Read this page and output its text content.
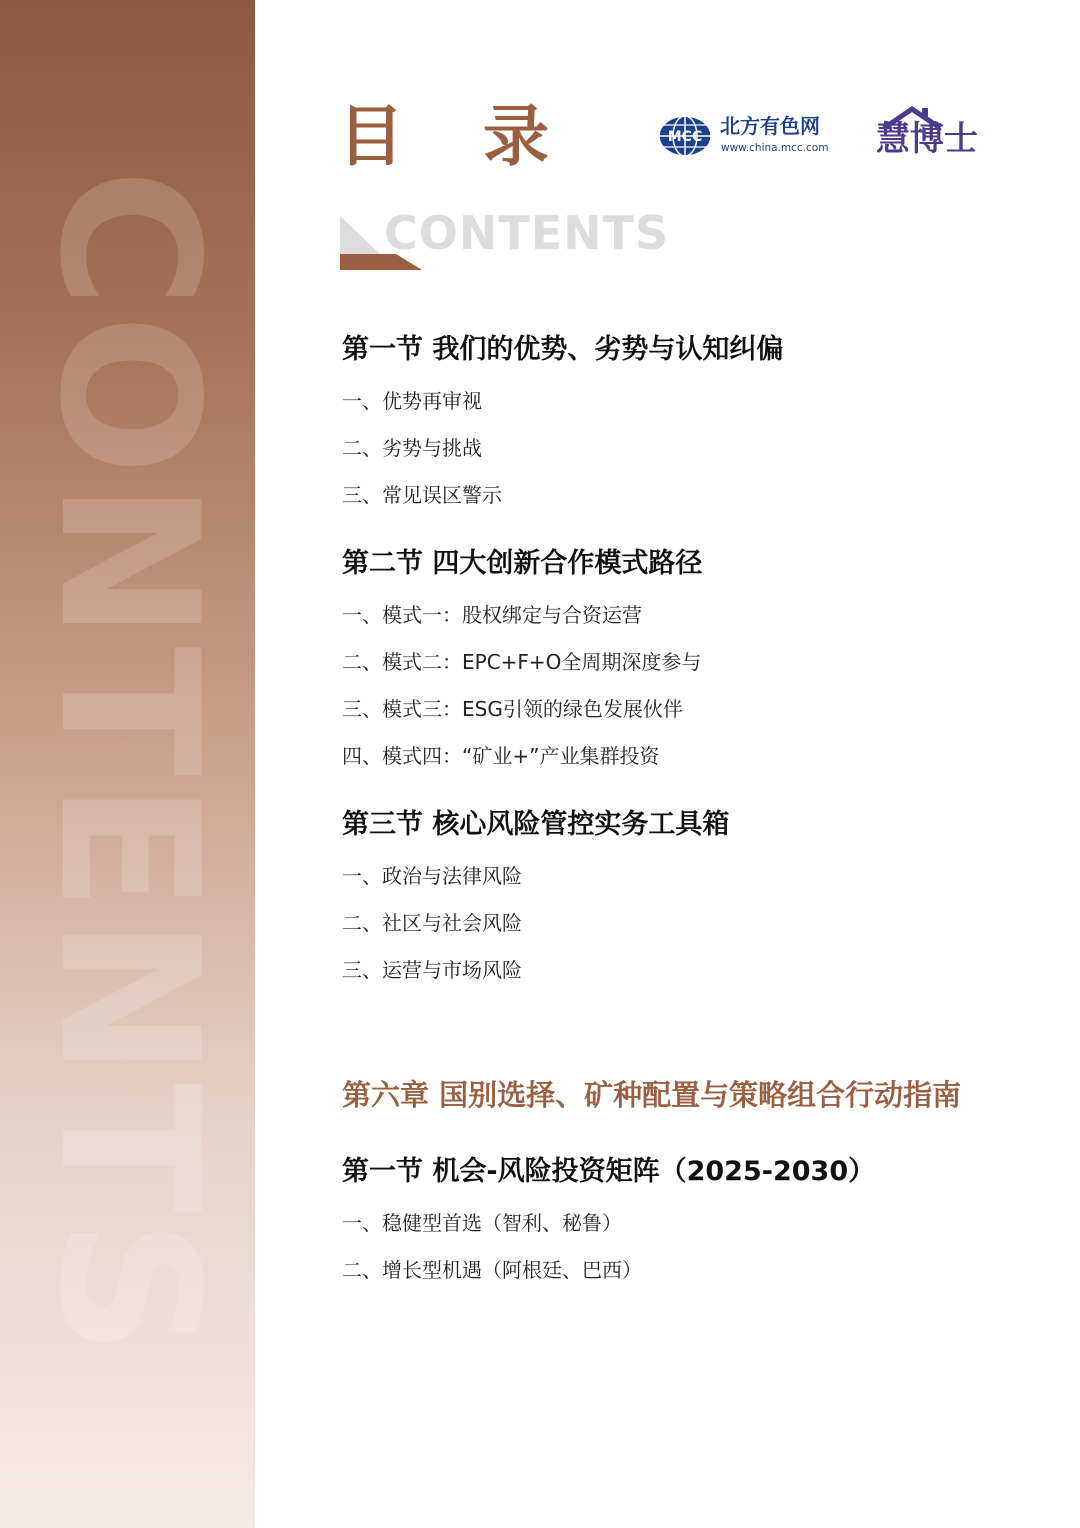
CONTENTS
目 录
CONTENTS
MCC 北方有色网
www.china.mcc.com 慧博士
第一节 我们的优势、劣势与认知纠偏
一、优势再审视
二、劣势与挑战
三、常见误区警示
第二节 四大创新合作模式路径
一、模式一：股权绑定与合资运营
二、模式二：EPC+F+O全周期深度参与
三、模式三：ESG引领的绿色发展伙伴
四、模式四：“矿业+”产业集群投资
第三节 核心风险管控实务工具箱
一、政治与法律风险
二、社区与社会风险
三、运营与市场风险
第六章 国别选择、矿种配置与策略组合行动指南
第一节 机会-风险投资矩阵（2025-2030）
一、稳健型首选（智利、秘鲁）
二、增长型机遇（阿根廷、巴西）
